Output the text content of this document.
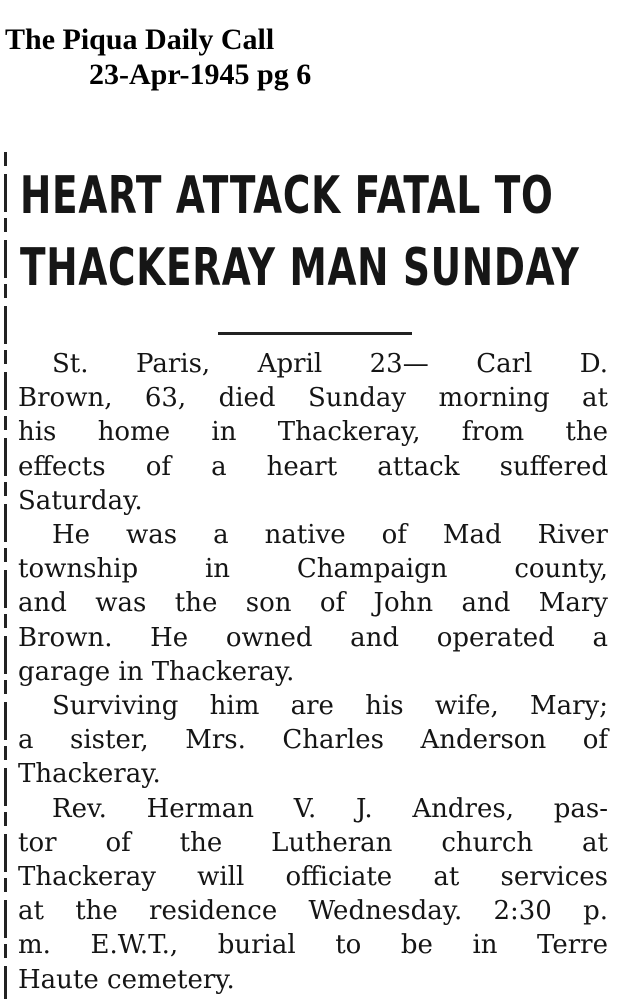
The Piqua Daily Call
23-Apr-1945 pg 6
HEART ATTACK FATAL TO
THACKERAY MAN SUNDAY
St. Paris, April 23— Carl D.
Brown, 63, died Sunday morning at
his home in Thackeray, from the
effects of a heart attack suffered
Saturday.
He was a native of Mad River
township in Champaign county,
and was the son of John and Mary
Brown. He owned and operated a
garage in Thackeray.
Surviving him are his wife, Mary;
a sister, Mrs. Charles Anderson of
Thackeray.
Rev. Herman V. J. Andres, pas-
tor of the Lutheran church at
Thackeray will officiate at services
at the residence Wednesday. 2:30 p.
m. E.W.T., burial to be in Terre
Haute cemetery.
